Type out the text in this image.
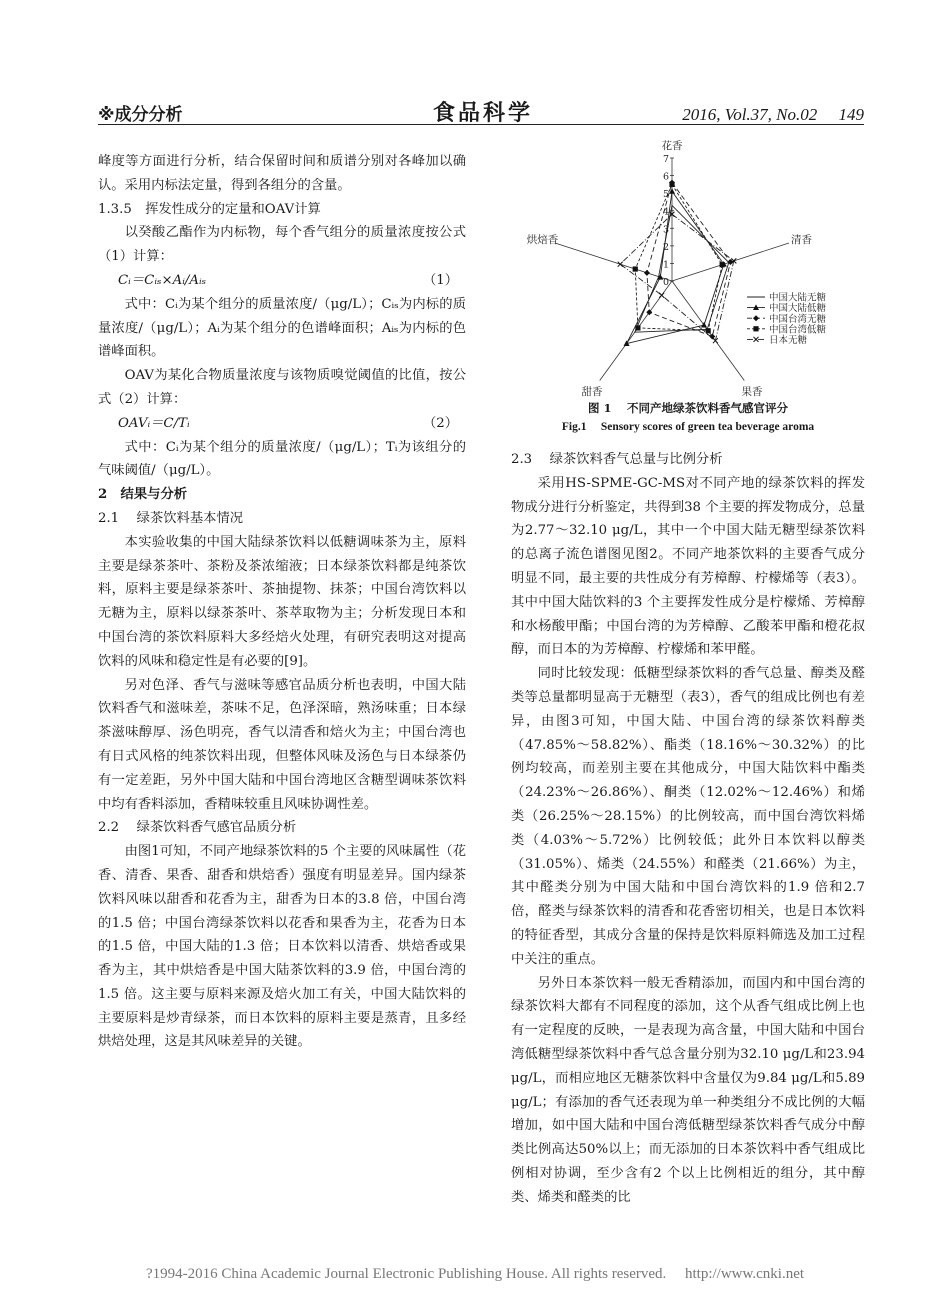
※成分分析	食品科学	2016, Vol.37, No.02　 149

峰度等方面进行分析，结合保留时间和质谱分别对各峰加以确认。采用内标法定量，得到各组分的含量。

1.3.5　挥发性成分的定量和OAV计算

以癸酸乙酯作为内标物，每个香气组分的质量浓度按公式（1）计算：

Cᵢ＝Cᵢₛ×Aᵢ/Aᵢₛ	（1）

式中：Cᵢ为某个组分的质量浓度/（μg/L）；Cᵢₛ为内标的质量浓度/（μg/L）；Aᵢ为某个组分的色谱峰面积；Aᵢₛ为内标的色谱峰面积。

OAV为某化合物质量浓度与该物质嗅觉阈值的比值，按公式（2）计算：

OAVᵢ＝C/Tᵢ	（2）

式中：Cᵢ为某个组分的质量浓度/（μg/L）；Tᵢ为该组分的气味阈值/（μg/L）。

2　结果与分析

2.1　 绿茶饮料基本情况

本实验收集的中国大陆绿茶饮料以低糖调味茶为主，原料主要是绿茶茶叶、茶粉及茶浓缩液；日本绿茶饮料都是纯茶饮料，原料主要是绿茶茶叶、茶抽提物、抹茶；中国台湾饮料以无糖为主，原料以绿茶茶叶、茶萃取物为主；分析发现日本和中国台湾的茶饮料原料大多经焙火处理，有研究表明这对提高饮料的风味和稳定性是有必要的[9]。

另对色泽、香气与滋味等感官品质分析也表明，中国大陆饮料香气和滋味差，茶味不足，色泽深暗，熟汤味重；日本绿茶滋味醇厚、汤色明亮，香气以清香和焙火为主；中国台湾也有日式风格的纯茶饮料出现，但整体风味及汤色与日本绿茶仍有一定差距，另外中国大陆和中国台湾地区含糖型调味茶饮料中均有香料添加，香精味较重且风味协调性差。

2.2　 绿茶饮料香气感官品质分析

由图1可知，不同产地绿茶饮料的5 个主要的风味属性（花香、清香、果香、甜香和烘焙香）强度有明显差异。国内绿茶饮料风味以甜香和花香为主，甜香为日本的3.8 倍，中国台湾的1.5 倍；中国台湾绿茶饮料以花香和果香为主，花香为日本的1.5 倍，中国大陆的1.3 倍；日本饮料以清香、烘焙香或果香为主，其中烘焙香是中国大陆茶饮料的3.9 倍，中国台湾的1.5 倍。这主要与原料来源及焙火加工有关，中国大陆饮料的主要原料是炒青绿茶，而日本饮料的原料主要是蒸青，且多经烘焙处理，这是其风味差异的关键。

花香
清香
果香
甜香
烘焙香
0
1
2
3
4
5
6
7
中国大陆无糖
中国大陆低糖
中国台湾无糖
中国台湾低糖
日本无糖
图 1　 不同产地绿茶饮料香气感官评分
Fig.1　 Sensory scores of green tea beverage aroma

2.3　 绿茶饮料香气总量与比例分析

采用HS-SPME-GC-MS对不同产地的绿茶饮料的挥发物成分进行分析鉴定，共得到38 个主要的挥发物成分，总量为2.77～32.10 μg/L，其中一个中国大陆无糖型绿茶饮料的总离子流色谱图见图2。不同产地茶饮料的主要香气成分明显不同，最主要的共性成分有芳樟醇、柠檬烯等（表3）。其中中国大陆饮料的3 个主要挥发性成分是柠檬烯、芳樟醇和水杨酸甲酯；中国台湾的为芳樟醇、乙酸苯甲酯和橙花叔醇，而日本的为芳樟醇、柠檬烯和苯甲醛。

同时比较发现：低糖型绿茶饮料的香气总量、醇类及醛类等总量都明显高于无糖型（表3），香气的组成比例也有差异，由图3可知，中国大陆、中国台湾的绿茶饮料醇类（47.85%～58.82%）、酯类（18.16%～30.32%）的比例均较高，而差别主要在其他成分，中国大陆饮料中酯类（24.23%～26.86%）、酮类（12.02%～12.46%）和烯类（26.25%～28.15%）的比例较高，而中国台湾饮料烯类（4.03%～5.72%）比例较低；此外日本饮料以醇类（31.05%）、烯类（24.55%）和醛类（21.66%）为主，其中醛类分别为中国大陆和中国台湾饮料的1.9 倍和2.7 倍，醛类与绿茶饮料的清香和花香密切相关，也是日本饮料的特征香型，其成分含量的保持是饮料原料筛选及加工过程中关注的重点。

另外日本茶饮料一般无香精添加，而国内和中国台湾的绿茶饮料大都有不同程度的添加，这个从香气组成比例上也有一定程度的反映，一是表现为高含量，中国大陆和中国台湾低糖型绿茶饮料中香气总含量分别为32.10 μg/L和23.94 μg/L，而相应地区无糖茶饮料中含量仅为9.84 μg/L和5.89 μg/L；有添加的香气还表现为单一种类组分不成比例的大幅增加，如中国大陆和中国台湾低糖型绿茶饮料香气成分中醇类比例高达50%以上；而无添加的日本茶饮料中香气组成比例相对协调，至少含有2 个以上比例相近的组分，其中醇类、烯类和醛类的比

?1994-2016 China Academic Journal Electronic Publishing House. All rights reserved.　 http://www.cnki.net
